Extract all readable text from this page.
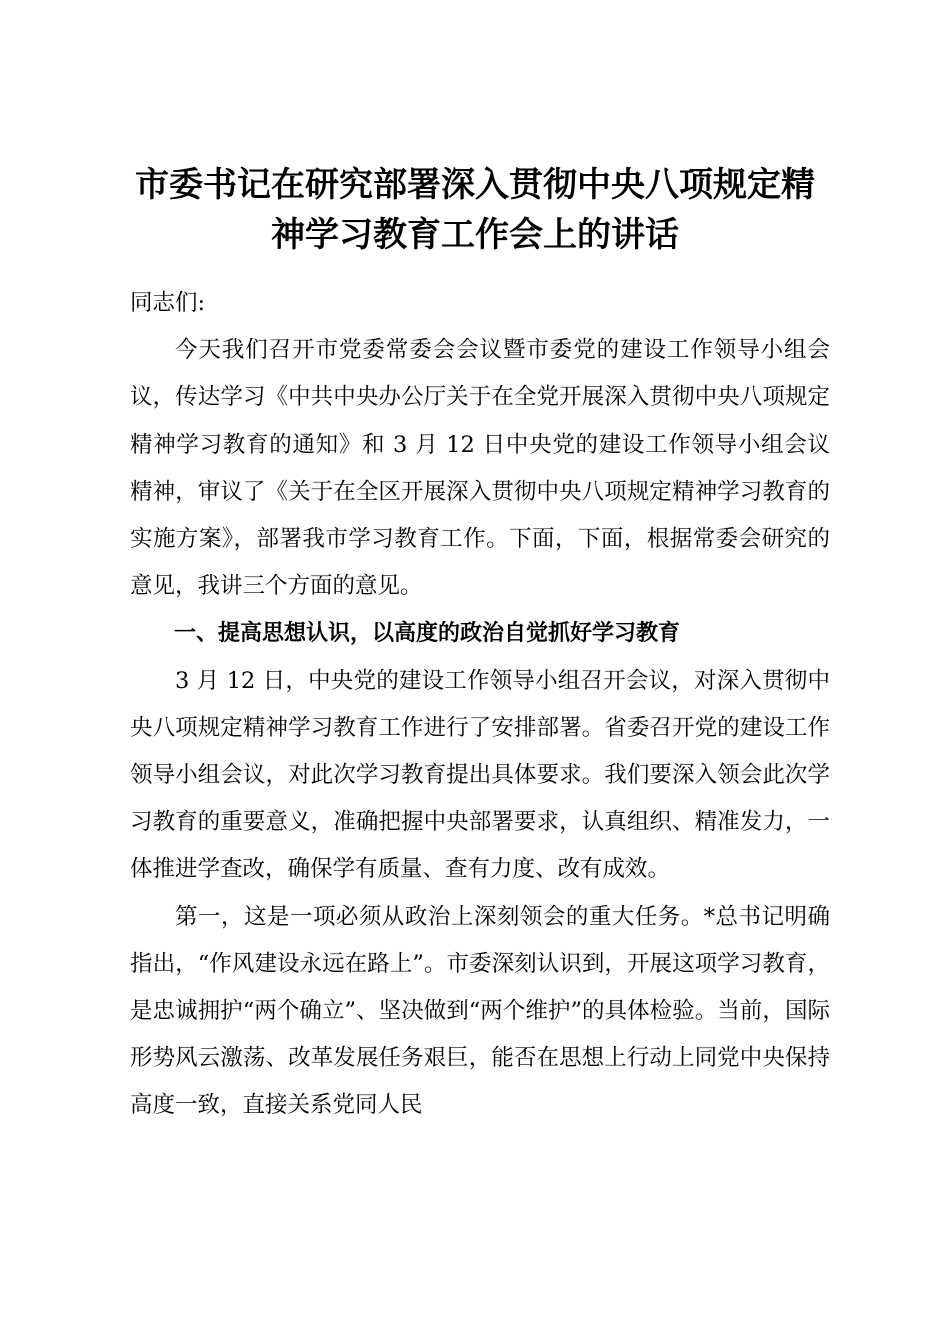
市委书记在研究部署深入贯彻中央八项规定精
神学习教育工作会上的讲话

同志们:

今天我们召开市党委常委会会议暨市委党的建设工作领导小组会议，传达学习《中共中央办公厅关于在全党开展深入贯彻中央八项规定精神学习教育的通知》和 3 月 12 日中央党的建设工作领导小组会议精神，审议了《关于在全区开展深入贯彻中央八项规定精神学习教育的实施方案》，部署我市学习教育工作。下面，下面，根据常委会研究的意见，我讲三个方面的意见。

一、提高思想认识，以高度的政治自觉抓好学习教育

3 月 12 日，中央党的建设工作领导小组召开会议，对深入贯彻中央八项规定精神学习教育工作进行了安排部署。省委召开党的建设工作领导小组会议，对此次学习教育提出具体要求。我们要深入领会此次学习教育的重要意义，准确把握中央部署要求，认真组织、精准发力，一体推进学查改，确保学有质量、查有力度、改有成效。

第一，这是一项必须从政治上深刻领会的重大任务。*总书记明确指出，“作风建设永远在路上”。市委深刻认识到，开展这项学习教育，是忠诚拥护“两个确立”、坚决做到“两个维护”的具体检验。当前，国际形势风云激荡、改革发展任务艰巨，能否在思想上行动上同党中央保持高度一致，直接关系党同人民
